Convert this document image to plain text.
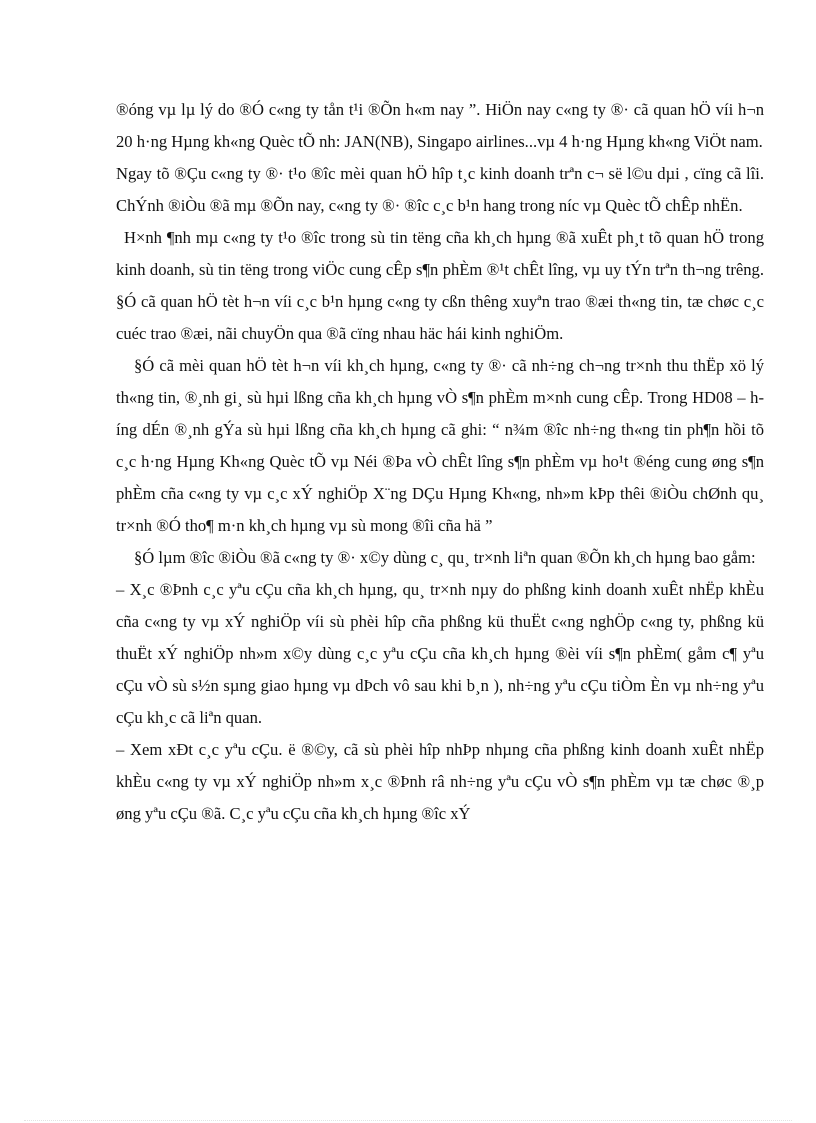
®óng vµ lµ lý do ®Ó c«ng ty tån t¹i ®Õn h«m nay ”. HiÖn nay c«ng ty ®· cã quan hÖ víi h¬n 20 h·ng Hµng kh«ng Quèc tÕ nh: JAN(NB), Singapo airlines...vµ 4 h·ng Hµng kh«ng ViÖt nam.

Ngay tõ ®Çu c«ng ty ®· t¹o ®îc mèi quan hÖ hîp t¸c kinh doanh trªn c¬ së l©u dµi , cïng cã lîi. ChÝnh ®iÒu ®ã mµ ®Õn nay, c«ng ty ®· ®îc c¸c b¹n hang trong níc vµ Quèc tÕ chÊp nhËn.

H×nh ¶nh mµ c«ng ty t¹o ®îc trong sù tin tëng cña kh¸ch hµng ®ã xuÊt ph¸t tõ quan hÖ trong kinh doanh, sù tin tëng trong viÖc cung cÊp s¶n phÈm ®¹t chÊt lîng, vµ uy tÝn trªn th¬ng trêng. §Ó cã quan hÖ tèt h¬n víi c¸c b¹n hµng c«ng ty cßn thêng xuyªn trao ®æi th«ng tin, tæ chøc c¸c cuéc trao ®æi, nãi chuyÖn qua ®ã cïng nhau häc hái kinh nghiÖm.

§Ó cã mèi quan hÖ tèt h¬n víi kh¸ch hµng, c«ng ty ®· cã nh÷ng ch¬ng tr×nh thu thËp xö lý th«ng tin, ®¸nh gi¸ sù hµi lßng cña kh¸ch hµng vÒ s¶n phÈm m×nh cung cÊp. Trong HD08 – híng dÉn ®¸nh gÝa sù hµi lßng cña kh¸ch hµng cã ghi: “ n¾m ®îc nh÷ng th«ng tin ph¶n hồi tõ c¸c h·ng Hµng Kh«ng Quèc tÕ vµ Néi ®Þa vÒ chÊt lîng s¶n phÈm vµ ho¹t ®éng cung øng s¶n phÈm cña c«ng ty vµ c¸c xÝ nghiÖp X¨ng DÇu Hµng Kh«ng, nh»m kÞp thêi ®iÒu chØnh qu¸ tr×nh ®Ó tho¶ m·n kh¸ch hµng vµ sù mong ®îi cña hä ”

§Ó lµm ®îc ®iÒu ®ã c«ng ty ®· x©y dùng c¸ qu¸ tr×nh liªn quan ®Õn kh¸ch hµng bao gåm:

– X¸c ®Þnh c¸c yªu cÇu cña kh¸ch hµng, qu¸ tr×nh nµy do phßng kinh doanh xuÊt nhËp khÈu cña c«ng ty vµ xÝ nghiÖp víi sù phèi hîp cña phßng kü thuËt c«ng nghÖp c«ng ty, phßng kü thuËt xÝ nghiÖp nh»m x©y dùng c¸c yªu cÇu cña kh¸ch hµng ®èi víi s¶n phÈm( gåm c¶ yªu cÇu vÒ sù s½n sµng giao hµng vµ dÞch vô sau khi b¸n ), nh÷ng yªu cÇu tiÒm Èn vµ nh÷ng yªu cÇu kh¸c cã liªn quan.

– Xem xÐt c¸c yªu cÇu. ë ®©y, cã sù phèi hîp nhÞp nhµng cña phßng kinh doanh xuÊt nhËp khÈu c«ng ty vµ xÝ nghiÖp nh»m x¸c ®Þnh râ nh÷ng yªu cÇu vÒ s¶n phÈm vµ tæ chøc ®¸p øng yªu cÇu ®ã. C¸c yªu cÇu cña kh¸ch hµng ®îc xÝ
